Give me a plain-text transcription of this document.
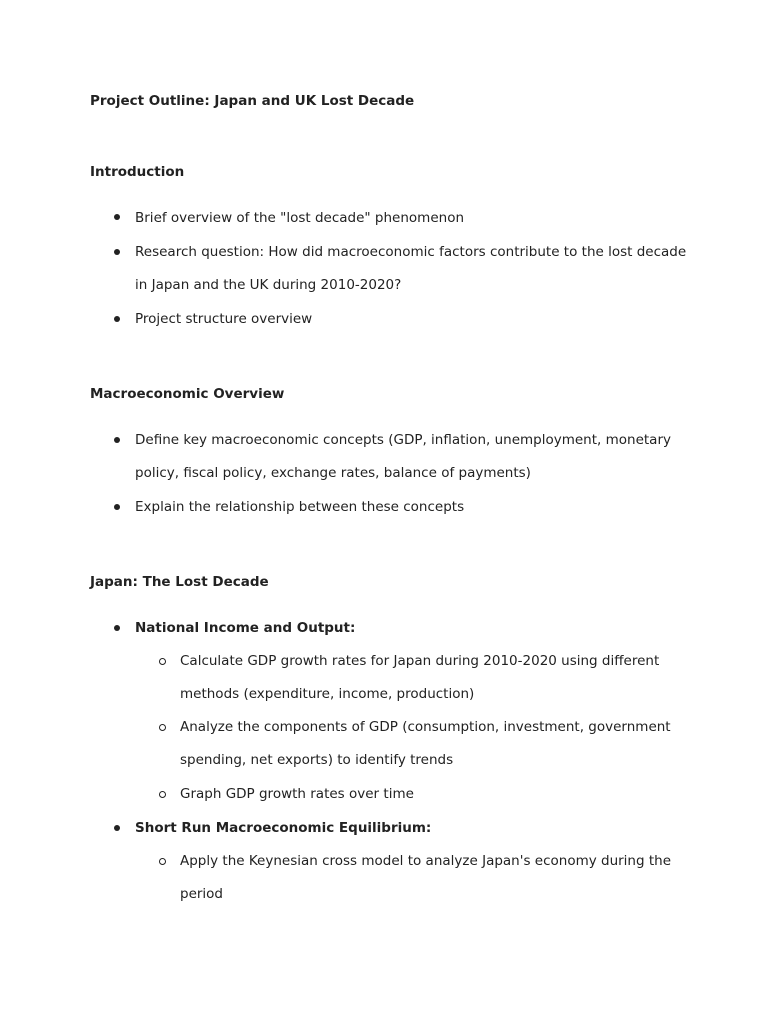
Project Outline: Japan and UK Lost Decade
Introduction
Brief overview of the "lost decade" phenomenon
Research question: How did macroeconomic factors contribute to the lost decade
in Japan and the UK during 2010-2020?
Project structure overview
Macroeconomic Overview
Define key macroeconomic concepts (GDP, inflation, unemployment, monetary
policy, fiscal policy, exchange rates, balance of payments)
Explain the relationship between these concepts
Japan: The Lost Decade
National Income and Output:
Calculate GDP growth rates for Japan during 2010-2020 using different
methods (expenditure, income, production)
Analyze the components of GDP (consumption, investment, government
spending, net exports) to identify trends
Graph GDP growth rates over time
Short Run Macroeconomic Equilibrium:
Apply the Keynesian cross model to analyze Japan's economy during the
period
